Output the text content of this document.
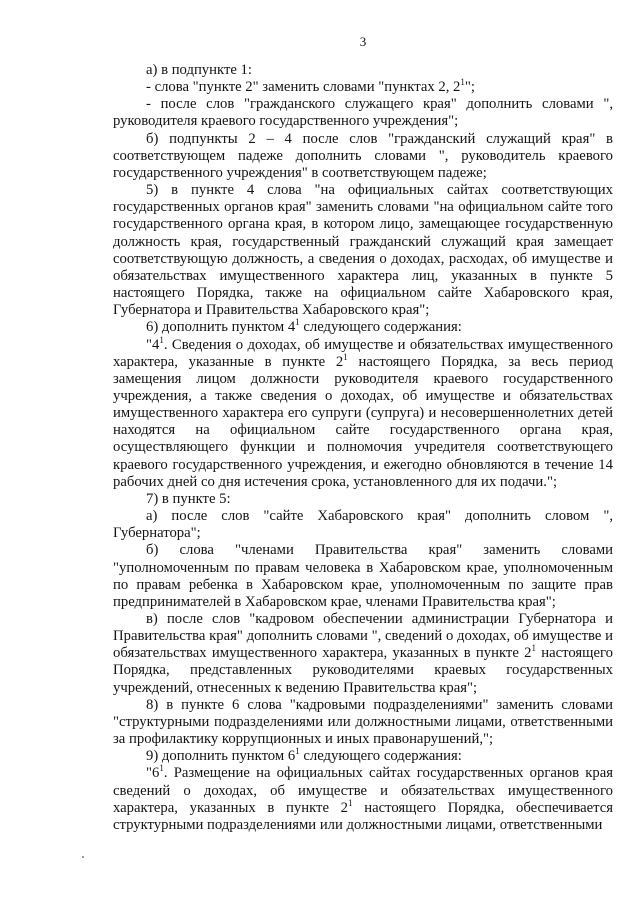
3

а) в подпункте 1:

- слова "пункте 2" заменить словами "пунктах 2, $2^1$";

- после слов "гражданского служащего края" дополнить словами ", руководителя краевого государственного учреждения";

б) подпункты 2 – 4 после слов "гражданский служащий края" в соответствующем падеже дополнить словами ", руководитель краевого государственного учреждения" в соответствующем падеже;

5) в пункте 4 слова "на официальных сайтах соответствующих государственных органов края" заменить словами "на официальном сайте того государственного органа края, в котором лицо, замещающее государственную должность края, государственный гражданский служащий края замещает соответствующую должность, а сведения о доходах, расходах, об имуществе и обязательствах имущественного характера лиц, указанных в пункте 5 настоящего Порядка, также на официальном сайте Хабаровского края, Губернатора и Правительства Хабаровского края";

6) дополнить пунктом $4^1$ следующего содержания:

"$4^1$. Сведения о доходах, об имуществе и обязательствах имущественного характера, указанные в пункте $2^1$ настоящего Порядка, за весь период замещения лицом должности руководителя краевого государственного учреждения, а также сведения о доходах, об имуществе и обязательствах имущественного характера его супруги (супруга) и несовершеннолетних детей находятся на официальном сайте государственного органа края, осуществляющего функции и полномочия учредителя соответствующего краевого государственного учреждения, и ежегодно обновляются в течение 14 рабочих дней со дня истечения срока, установленного для их подачи.";

7) в пункте 5:

а) после слов "сайте Хабаровского края" дополнить словом ", Губернатора";

б) слова "членами Правительства края" заменить словами "уполномоченным по правам человека в Хабаровском крае, уполномоченным по правам ребенка в Хабаровском крае, уполномоченным по защите прав предпринимателей в Хабаровском крае, членами Правительства края";

в) после слов "кадровом обеспечении администрации Губернатора и Правительства края" дополнить словами ", сведений о доходах, об имуществе и обязательствах имущественного характера, указанных в пункте $2^1$ настоящего Порядка, представленных руководителями краевых государственных учреждений, отнесенных к ведению Правительства края";

8) в пункте 6 слова "кадровыми подразделениями" заменить словами "структурными подразделениями или должностными лицами, ответственными за профилактику коррупционных и иных правонарушений,";

9) дополнить пунктом $6^1$ следующего содержания:

"$6^1$. Размещение на официальных сайтах государственных органов края сведений о доходах, об имуществе и обязательствах имущественного характера, указанных в пункте $2^1$ настоящего Порядка, обеспечивается структурными подразделениями или должностными лицами, ответственными
